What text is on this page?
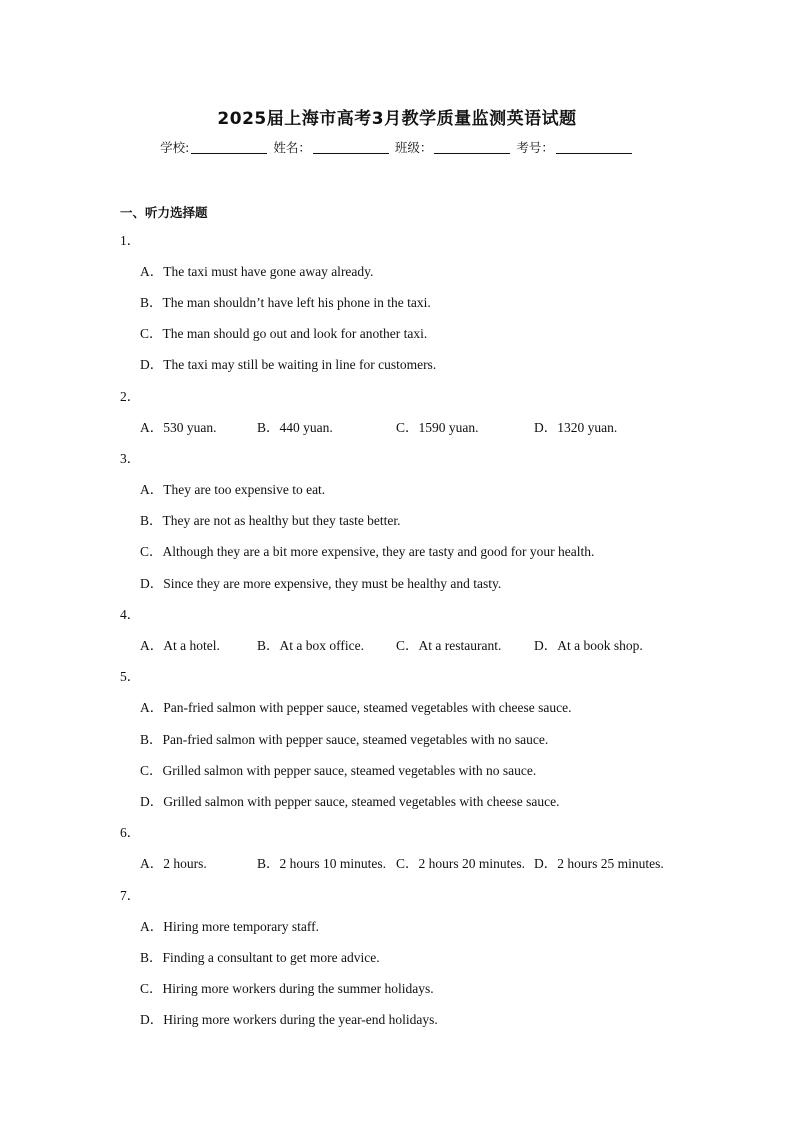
2025届上海市高考3月教学质量监测英语试题
学校:	姓名：	班级：	考号：
一、听力选择题
1．
A．The taxi must have gone away already.
B．The man shouldn’t have left his phone in the taxi.
C．The man should go out and look for another taxi.
D．The taxi may still be waiting in line for customers.
2．
A．530 yuan.	B．440 yuan.	C．1590 yuan.	D．1320 yuan.
3．
A．They are too expensive to eat.
B．They are not as healthy but they taste better.
C．Although they are a bit more expensive, they are tasty and good for your health.
D．Since they are more expensive, they must be healthy and tasty.
4．
A．At a hotel.	B．At a box office. C．At a restaurant. D．At a book shop.
5．
A．Pan-fried salmon with pepper sauce, steamed vegetables with cheese sauce.
B．Pan-fried salmon with pepper sauce, steamed vegetables with no sauce.
C．Grilled salmon with pepper sauce, steamed vegetables with no sauce.
D．Grilled salmon with pepper sauce, steamed vegetables with cheese sauce.
6．
A．2 hours.	B．2 hours 10 minutes. C．2 hours 20 minutes. D．2 hours 25 minutes.
7．
A．Hiring more temporary staff.
B．Finding a consultant to get more advice.
C．Hiring more workers during the summer holidays.
D．Hiring more workers during the year-end holidays.
